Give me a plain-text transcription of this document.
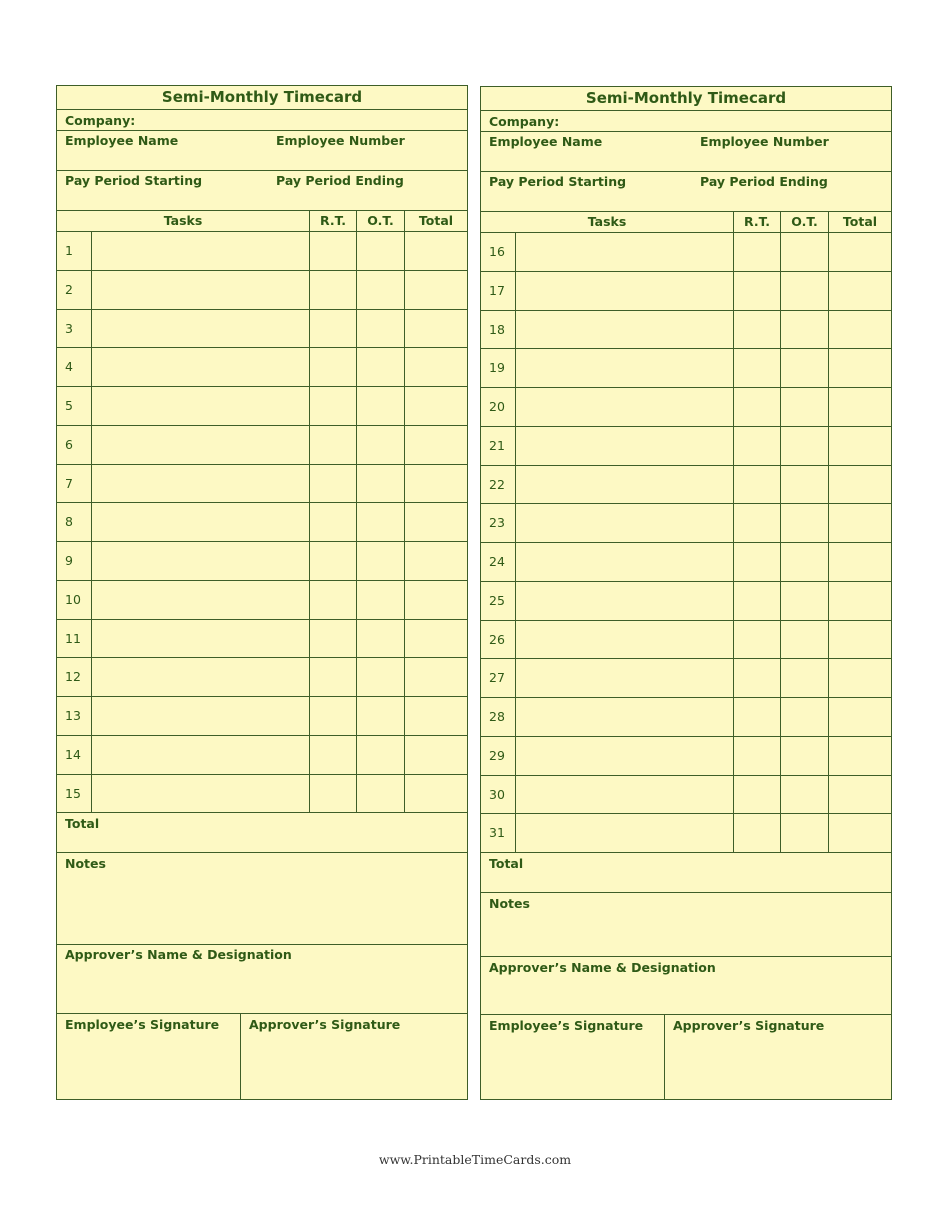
Semi-Monthly Timecard
Company:
Employee Name	Employee Number
Pay Period Starting	Pay Period Ending
Tasks	R.T.	O.T.	Total
1
2
3
4
5
6
7
8
9
10
11
12
13
14
15
Total
Notes
Approver’s Name & Designation
Employee’s Signature Approver’s Signature
Semi-Monthly Timecard
Company:
Employee Name	Employee Number
Pay Period Starting	Pay Period Ending
Tasks	R.T.	O.T.	Total
16
17
18
19
20
21
22
23
24
25
26
27
28
29
30
31
Total
Notes
Approver’s Name & Designation
Employee’s Signature Approver’s Signature
www.PrintableTimeCards.com
